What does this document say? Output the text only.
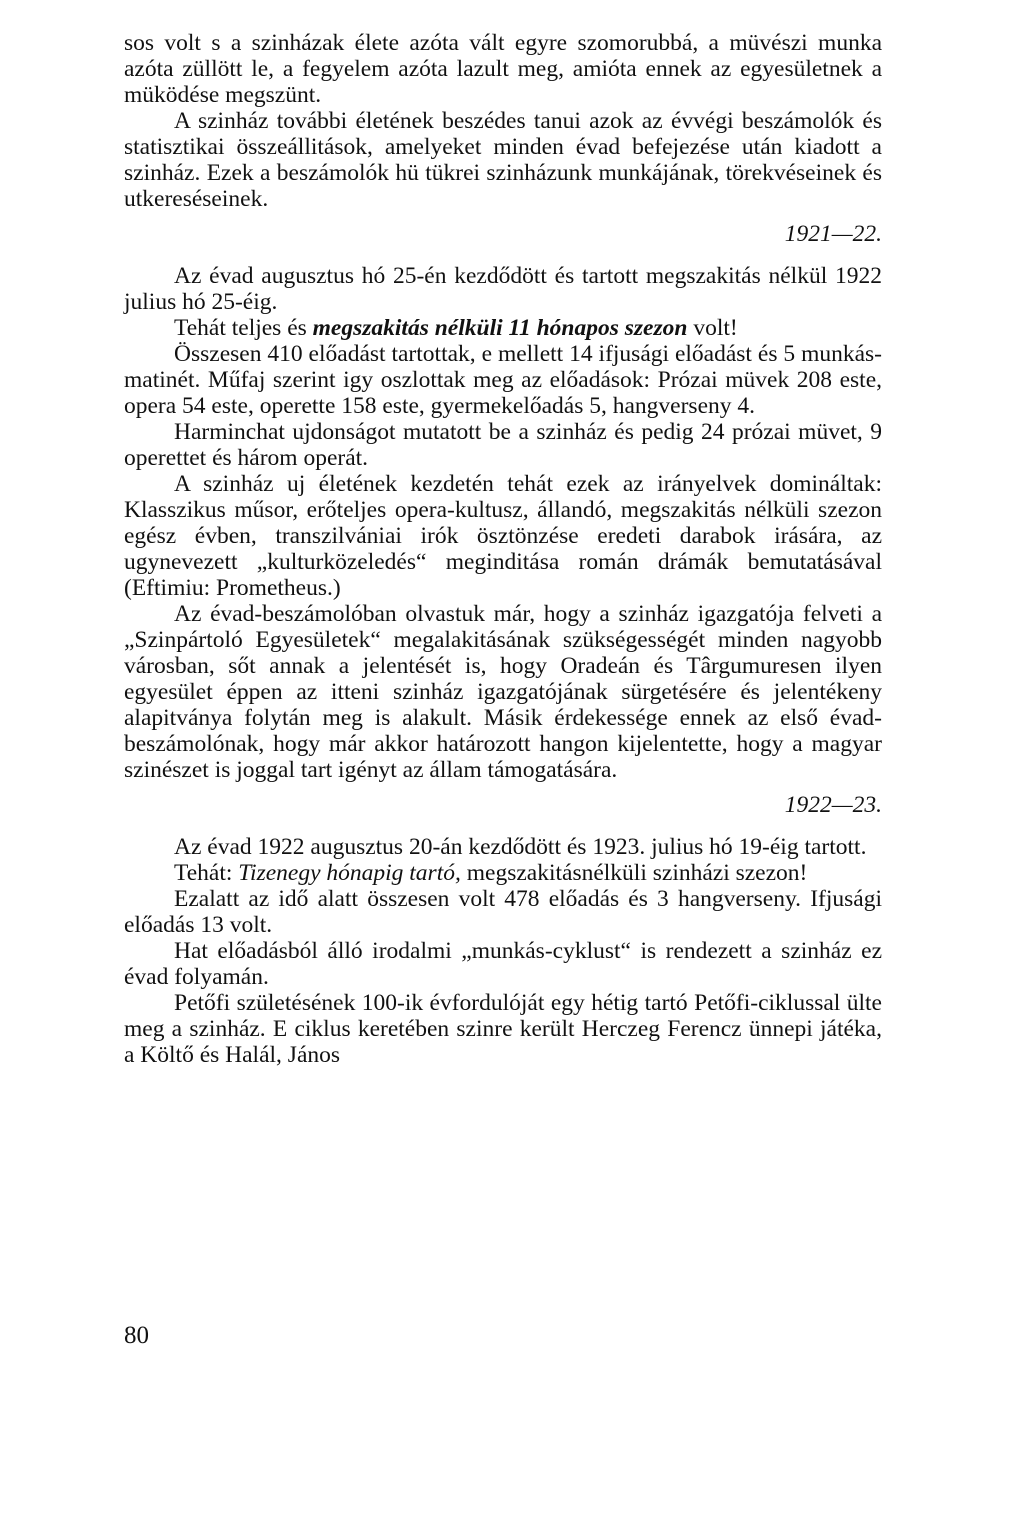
sos volt s a szinházak élete azóta vált egyre szomorubbá, a müvészi munka azóta züllött le, a fegyelem azóta lazult meg, amióta ennek az egyesületnek a müködése megszünt.

A szinház további életének beszédes tanui azok az évvégi beszámolók és statisztikai összeállitások, amelyeket minden évad befejezése után kiadott a szinház. Ezek a beszámolók hü tükrei szinházunk munkájának, törekvéseinek és utkereséseinek.

1921—22.

Az évad augusztus hó 25-én kezdődött és tartott megszakitás nélkül 1922 julius hó 25-éig.

Tehát teljes és megszakitás nélküli 11 hónapos szezon volt!

Összesen 410 előadást tartottak, e mellett 14 ifjusági előadást és 5 munkás-matinét. Műfaj szerint igy oszlottak meg az előadások: Prózai müvek 208 este, opera 54 este, operette 158 este, gyermekelőadás 5, hangverseny 4.

Harminchat ujdonságot mutatott be a szinház és pedig 24 prózai müvet, 9 operettet és három operát.

A szinház uj életének kezdetén tehát ezek az irányelvek domináltak: Klasszikus műsor, erőteljes opera-kultusz, állandó, megszakitás nélküli szezon egész évben, transzilvániai irók ösztönzése eredeti darabok irására, az ugynevezett „kulturközeledés“ meginditása román drámák bemutatásával (Eftimiu: Prometheus.)

Az évad-beszámolóban olvastuk már, hogy a szinház igazgatója felveti a „Szinpártoló Egyesületek“ megalakitásának szükségességét minden nagyobb városban, sőt annak a jelentését is, hogy Oradeán és Târgumuresen ilyen egyesület éppen az itteni szinház igazgatójának sürgetésére és jelentékeny alapitványa folytán meg is alakult. Másik érdekessége ennek az első évad-beszámolónak, hogy már akkor határozott hangon kijelentette, hogy a magyar szinészet is joggal tart igényt az állam támogatására.

1922—23.

Az évad 1922 augusztus 20-án kezdődött és 1923. julius hó 19-éig tartott.

Tehát: Tizenegy hónapig tartó, megszakitásnélküli szinházi szezon!

Ezalatt az idő alatt összesen volt 478 előadás és 3 hangverseny. Ifjusági előadás 13 volt.

Hat előadásból álló irodalmi „munkás-cyklust“ is rendezett a szinház ez évad folyamán.

Petőfi születésének 100-ik évfordulóját egy hétig tartó Petőfi-ciklussal ülte meg a szinház. E ciklus keretében szinre került Herczeg Ferencz ünnepi játéka, a Költő és Halál, János

80
